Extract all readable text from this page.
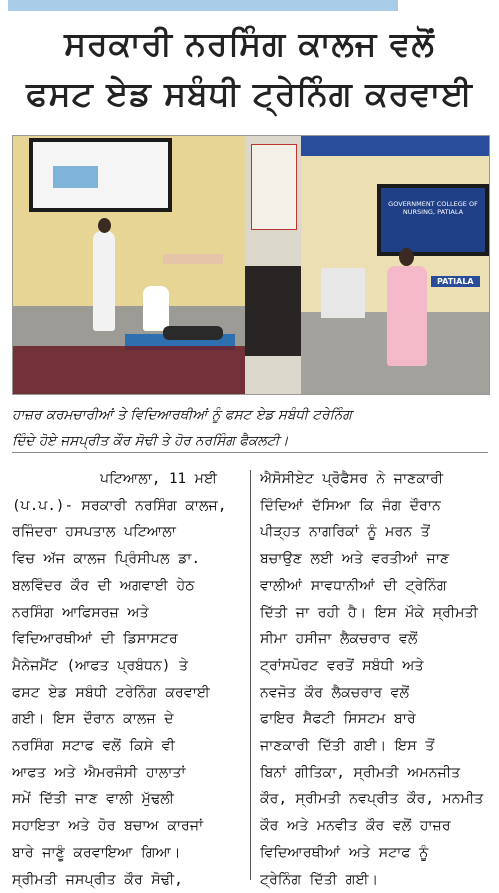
ਸਰਕਾਰੀ ਨਰਸਿੰਗ ਕਾਲਜ ਵਲੋਂ
ਫਸਟ ਏਡ ਸਬੰਧੀ ਟ੍ਰੇਨਿੰਗ ਕਰਵਾਈ
GOVERNMENT COLLEGE OF NURSING, PATIALA
PATIALA
ਹਾਜ਼ਰ ਕਰਮਚਾਰੀਆਂ ਤੇ ਵਿਦਿਆਰਥੀਆਂ ਨੂੰ ਫਸਟ ਏਡ ਸਬੰਧੀ ਟਰੇਨਿੰਗ
ਦਿੰਦੇ ਹੋਏ ਜਸਪ੍ਰੀਤ ਕੌਰ ਸੋਢੀ ਤੇ ਹੋਰ ਨਰਸਿੰਗ ਫੈਕਲਟੀ।
ਪਟਿਆਲਾ, 11 ਮਈ
(ਪ.ਪ.)- ਸਰਕਾਰੀ ਨਰਸਿੰਗ ਕਾਲਜ,
ਰਜਿੰਦਰਾ ਹਸਪਤਾਲ ਪਟਿਆਲਾ
ਵਿਚ ਅੱਜ ਕਾਲਜ ਪ੍ਰਿੰਸੀਪਲ ਡਾ.
ਬਲਵਿੰਦਰ ਕੌਰ ਦੀ ਅਗਵਾਈ ਹੇਠ
ਨਰਸਿੰਗ ਆਫਿਸਰਜ਼ ਅਤੇ
ਵਿਦਿਆਰਥੀਆਂ ਦੀ ਡਿਸਾਸਟਰ
ਮੈਨੇਜਮੈਂਟ (ਆਫਤ ਪ੍ਰਬੰਧਨ) ਤੇ
ਫਸਟ ਏਡ ਸਬੰਧੀ ਟਰੇਨਿੰਗ ਕਰਵਾਈ
ਗਈ। ਇਸ ਦੌਰਾਨ ਕਾਲਜ ਦੇ
ਨਰਸਿੰਗ ਸਟਾਫ ਵਲੋਂ ਕਿਸੇ ਵੀ
ਆਫਤ ਅਤੇ ਐਮਰਜੰਸੀ ਹਾਲਾਤਾਂ
ਸਮੇਂ ਦਿੱਤੀ ਜਾਣ ਵਾਲੀ ਮੁੱਢਲੀ
ਸਹਾਇਤਾ ਅਤੇ ਹੋਰ ਬਚਾਅ ਕਾਰਜਾਂ
ਬਾਰੇ ਜਾਣੂੰ ਕਰਵਾਇਆ ਗਿਆ।
ਸ੍ਰੀਮਤੀ ਜਸਪ੍ਰੀਤ ਕੌਰ ਸੋਢੀ,
ਐਸੋਸੀਏਟ ਪ੍ਰੋਫੈਸਰ ਨੇ ਜਾਣਕਾਰੀ
ਦਿੰਦਿਆਂ ਦੱਸਿਆ ਕਿ ਜੰਗ ਦੌਰਾਨ
ਪੀੜ੍ਹਤ ਨਾਗਰਿਕਾਂ ਨੂੰ ਮਰਨ ਤੋਂ
ਬਚਾਉਣ ਲਈ ਅਤੇ ਵਰਤੀਆਂ ਜਾਣ
ਵਾਲੀਆਂ ਸਾਵਧਾਨੀਆਂ ਦੀ ਟ੍ਰੇਨਿੰਗ
ਦਿੱਤੀ ਜਾ ਰਹੀ ਹੈ। ਇਸ ਮੌਕੇ ਸ੍ਰੀਮਤੀ
ਸੀਮਾ ਹਸੀਜਾ ਲੈਕਚਰਾਰ ਵਲੋਂ
ਟ੍ਰਾਂਸਪੋਰਟ ਵਰਤੋਂ ਸਬੰਧੀ ਅਤੇ
ਨਵਜੋਤ ਕੌਰ ਲੈਕਚਰਾਰ ਵਲੋਂ
ਫਾਇਰ ਸੈਫਟੀ ਸਿਸਟਮ ਬਾਰੇ
ਜਾਣਕਾਰੀ ਦਿੱਤੀ ਗਈ। ਇਸ ਤੋਂ
ਬਿਨਾਂ ਗੀਤਿਕਾ, ਸ੍ਰੀਮਤੀ ਅਮਨਜੀਤ
ਕੌਰ, ਸ੍ਰੀਮਤੀ ਨਵਪ੍ਰੀਤ ਕੌਰ, ਮਨਮੀਤ
ਕੌਰ ਅਤੇ ਮਨਵੀਤ ਕੌਰ ਵਲੋਂ ਹਾਜ਼ਰ
ਵਿਦਿਆਰਥੀਆਂ ਅਤੇ ਸਟਾਫ ਨੂੰ
ਟ੍ਰੇਨਿੰਗ ਦਿੱਤੀ ਗਈ।
